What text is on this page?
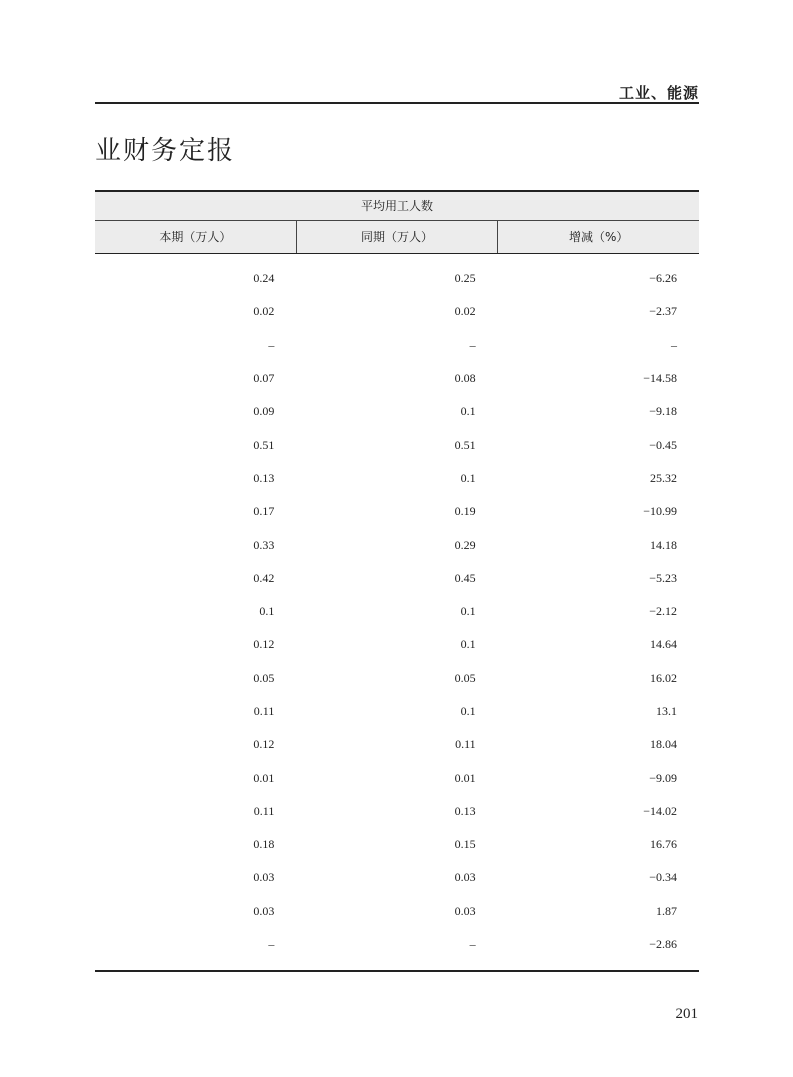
工业、能源
业财务定报
平均用工人数
本期（万人）	同期（万人）	增减（%）
0.24	0.25	−6.26
0.02	0.02	−2.37
–	–	–
0.07	0.08	−14.58
0.09	0.1	−9.18
0.51	0.51	−0.45
0.13	0.1	25.32
0.17	0.19	−10.99
0.33	0.29	14.18
0.42	0.45	−5.23
0.1	0.1	−2.12
0.12	0.1	14.64
0.05	0.05	16.02
0.11	0.1	13.1
0.12	0.11	18.04
0.01	0.01	−9.09
0.11	0.13	−14.02
0.18	0.15	16.76
0.03	0.03	−0.34
0.03	0.03	1.87
–	–	−2.86
201
